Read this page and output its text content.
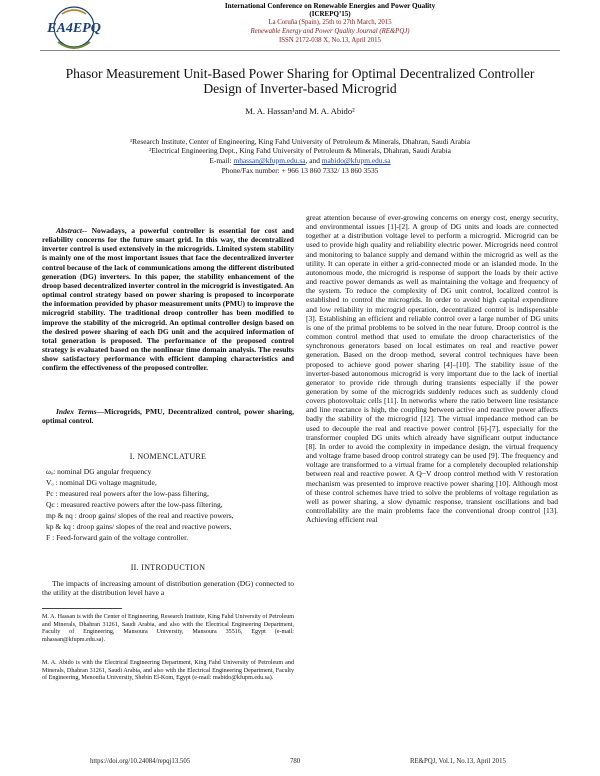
EA4EPQ
International Conference on Renewable Energies and Power Quality
(ICREPQ’15)
La Coruña (Spain), 25th to 27th March, 2015
Renewable Energy and Power Quality Journal (RE&PQJ)
ISSN 2172-038 X, No.13, April 2015
Phasor Measurement Unit-Based Power Sharing for Optimal Decentralized Controller Design of Inverter-based Microgrid
M. A. Hassan¹and M. A. Abido²
¹Research Institute, Center of Engineering, King Fahd University of Petroleum & Minerals, Dhahran, Saudi Arabia
²Electrical Engineering Dept., King Fahd University of Petroleum & Minerals, Dhahran, Saudi Arabia
E-mail: mhassan@kfupm.edu.sa, and mabido@kfupm.edu.sa
Phone/Fax number: + 966 13 860 7332/ 13 860 3535
Abstract-- Nowadays, a powerful controller is essential for cost and reliability concerns for the future smart grid. In this way, the decentralized inverter control is used extensively in the microgrids. Limited system stability is mainly one of the most important issues that face the decentralized inverter control because of the lack of communications among the different distributed generation (DG) inverters. In this paper, the stability enhancement of the droop based decentralized inverter control in the microgrid is investigated. An optimal control strategy based on power sharing is proposed to incorporate the information provided by phasor measurement units (PMU) to improve the microgrid stability. The traditional droop controller has been modified to improve the stability of the microgrid. An optimal controller design based on the desired power sharing of each DG unit and the acquired information of total generation is proposed. The performance of the proposed control strategy is evaluated based on the nonlinear time domain analysis. The results show satisfactory performance with efficient damping characteristics and confirm the effectiveness of the proposed controller.
Index Terms—Microgrids, PMU, Decentralized control, power sharing, optimal control.
I. NOMENCLATURE
ωₒ: nominal DG angular frequency
Vₒ : nominal DG voltage magnitude,
Pc : measured real powers after the low-pass filtering,
Qc : measured reactive powers after the low-pass filtering,
mp & nq : droop gains/ slopes of the real and reactive powers,
kp & kq : droop gains/ slopes of the real and reactive powers,
F : Feed-forward gain of the voltage controller.
II. INTRODUCTION
The impacts of increasing amount of distribution generation (DG) connected to the utility at the distribution level have a
M. A. Hassan is with the Center of Engineering, Research Institute, King Fahd University of Petroleum and Minerals, Dhahran 31261, Saudi Arabia, and also with the Electrical Engineering Department, Faculty of Engineering, Mansoura University, Mansoura 35516, Egypt (e-mail: mhassan@kfupm.edu.sa).
M. A. Abido is with the Electrical Engineering Department, King Fahd University of Petroleum and Minerals, Dhahran 31261, Saudi Arabia, and also with the Electrical Engineering Department, Faculty of Engineering, Menoufia University, Shebin El-Kom, Egypt (e-mail: mabido@kfupm.edu.sa).
great attention because of ever-growing concerns on energy cost, energy security, and environmental issues [1]-[2]. A group of DG units and loads are connected together at a distribution voltage level to perform a microgrid. Microgrid can be used to provide high quality and reliability electric power. Microgrids need control and monitoring to balance supply and demand within the microgrid as well as the utility. It can operate in either a grid-connected mode or an islanded mode. In the autonomous mode, the microgrid is response of support the loads by their active and reactive power demands as well as maintaining the voltage and frequency of the system. To reduce the complexity of DG unit control, localized control is established to control the microgrids. In order to avoid high capital expenditure and low reliability in microgrid operation, decentralized control is indispensable [3]. Establishing an efficient and reliable control over a large number of DG units is one of the primal problems to be solved in the near future. Droop control is the common control method that used to emulate the droop characteristics of the synchronous generators based on local estimates on real and reactive power generation. Based on the droop method, several control techniques have been proposed to achieve good power sharing [4]–[10]. The stability issue of the inverter-based autonomous microgrid is very important due to the lack of inertial generator to provide ride through during transients especially if the power generation by some of the microgrids suddenly reduces such as suddenly cloud covers photovoltaic cells [11]. In networks where the ratio between line resistance and line reactance is high, the coupling between active and reactive power affects badly the stability of the microgrid [12]. The virtual impedance method can be used to decouple the real and reactive power control [6]-[7], especially for the transformer coupled DG units which already have significant output inductance [8]. In order to avoid the complexity in impedance design, the virtual frequency and voltage frame based droop control strategy can be used [9]. The frequency and voltage are transformed to a virtual frame for a completely decoupled relationship between real and reactive power. A Q−V droop control method with V restoration mechanism was presented to improve reactive power sharing [10]. Although most of these control schemes have tried to solve the problems of voltage regulation as well as power sharing, a slow dynamic response, transient oscillations and bad controllability are the main problems face the conventional droop control [13]. Achieving efficient real
https://doi.org/10.24084/repqj13.505	780	RE&PQJ, Vol.1, No.13, April 2015
